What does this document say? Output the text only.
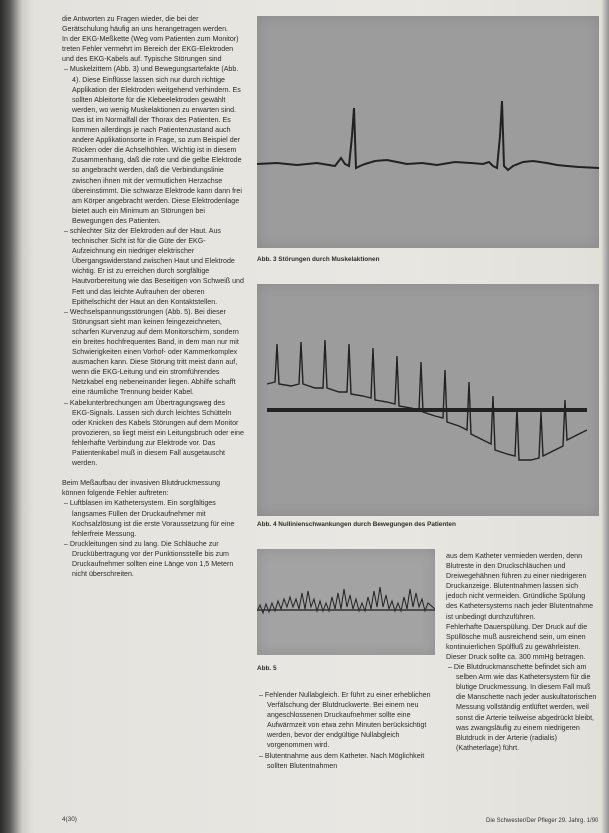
die Antworten zu Fragen wieder, die bei der Gerätschulung häufig an uns herangetragen werden.

In der EKG-Meßkette (Weg vom Patienten zum Monitor) treten Fehler vermehrt im Bereich der EKG-Elektroden und des EKG-Kabels auf. Typische Störungen sind

– Muskelzittern (Abb. 3) und Bewegungsartefakte (Abb. 4). Diese Einflüsse lassen sich nur durch richtige Applikation der Elektroden weitgehend verhindern. Es sollten Ableitorte für die Klebeelektroden gewählt werden, wo wenig Muskelaktionen zu erwarten sind. Das ist im Normalfall der Thorax des Patienten. Es kommen allerdings je nach Patientenzustand auch andere Applikationsorte in Frage, so zum Beispiel der Rücken oder die Achselhöhlen. Wichtig ist in diesem Zusammenhang, daß die rote und die gelbe Elektrode so angebracht werden, daß die Verbindungslinie zwischen ihnen mit der vermutlichen Herzachse übereinstimmt. Die schwarze Elektrode kann dann frei am Körper angebracht werden. Diese Elektrodenlage bietet auch ein Minimum an Störungen bei Bewegungen des Patienten.

– schlechter Sitz der Elektroden auf der Haut. Aus technischer Sicht ist für die Güte der EKG-Aufzeichnung ein niedriger elektrischer Übergangswiderstand zwischen Haut und Elektrode wichtig. Er ist zu erreichen durch sorgfältige Hautvorbereitung wie das Beseitigen von Schweiß und Fett und das leichte Aufrauhen der oberen Epithelschicht der Haut an den Kontaktstellen.

– Wechselspannungsstörungen (Abb. 5). Bei dieser Störungsart sieht man keinen feingezeichneten, scharfen Kurvenzug auf dem Monitorschirm, sondern ein breites hochfrequentes Band, in dem man nur mit Schwierigkeiten einen Vorhof- oder Kammerkomplex ausmachen kann. Diese Störung tritt meist dann auf, wenn die EKG-Leitung und ein stromführendes Netzkabel eng nebeneinander liegen. Abhilfe schafft eine räumliche Trennung beider Kabel.

– Kabelunterbrechungen am Übertragungsweg des EKG-Signals. Lassen sich durch leichtes Schütteln oder Knicken des Kabels Störungen auf dem Monitor provozieren, so liegt meist ein Leitungsbruch oder eine fehlerhafte Verbindung zur Elektrode vor. Das Patientenkabel muß in diesem Fall ausgetauscht werden.

Beim Meßaufbau der invasiven Blutdruckmessung können folgende Fehler auftreten:

– Luftblasen im Kathetersystem. Ein sorgfältiges langsames Füllen der Druckaufnehmer mit Kochsalzlösung ist die erste Voraussetzung für eine fehlerfreie Messung.

– Druckleitungen sind zu lang. Die Schläuche zur Druckübertragung vor der Punktionsstelle bis zum Druckaufnehmer sollten eine Länge von 1,5 Metern nicht überschreiten.

Abb. 3 Störungen durch Muskelaktionen
Abb. 4 Nullinienschwankungen durch Bewegungen des Patienten
Abb. 5

– Fehlender Nullabgleich. Er führt zu einer erheblichen Verfälschung der Blutdruckwerte. Bei einem neu angeschlossenen Druckaufnehmer sollte eine Aufwärmzeit von etwa zehn Minuten berücksichtigt werden, bevor der endgültige Nullabgleich vorgenommen wird.

– Blutentnahme aus dem Katheter. Nach Möglichkeit sollten Blutentnahmen

aus dem Katheter vermieden werden, denn Blutreste in den Druckschläuchen und Dreiwegehähnen führen zu einer niedrigeren Druckanzeige. Blutentnahmen lassen sich jedoch nicht vermeiden. Gründliche Spülung des Kathetersystems nach jeder Blutentnahme ist unbedingt durchzuführen.

Fehlerhafte Dauerspülung. Der Druck auf die Spüllösche muß ausreichend sein, um einen kontinuierlichen Spülfluß zu gewährleisten. Dieser Druck sollte ca. 300 mmHg betragen.

– Die Blutdruckmanschette befindet sich am selben Arm wie das Kathetersystem für die blutige Druckmessung. In diesem Fall muß die Manschette nach jeder auskultatorischen Messung vollständig entlüftet werden, weil sonst die Arterie teilweise abgedrückt bleibt, was zwangsläufig zu einem niedrigeren Blutdruck in der Arterie (radialis) (Katheterlage) führt.

4(30)	Die Schwester/Der Pfleger 29. Jahrg. 1/90
